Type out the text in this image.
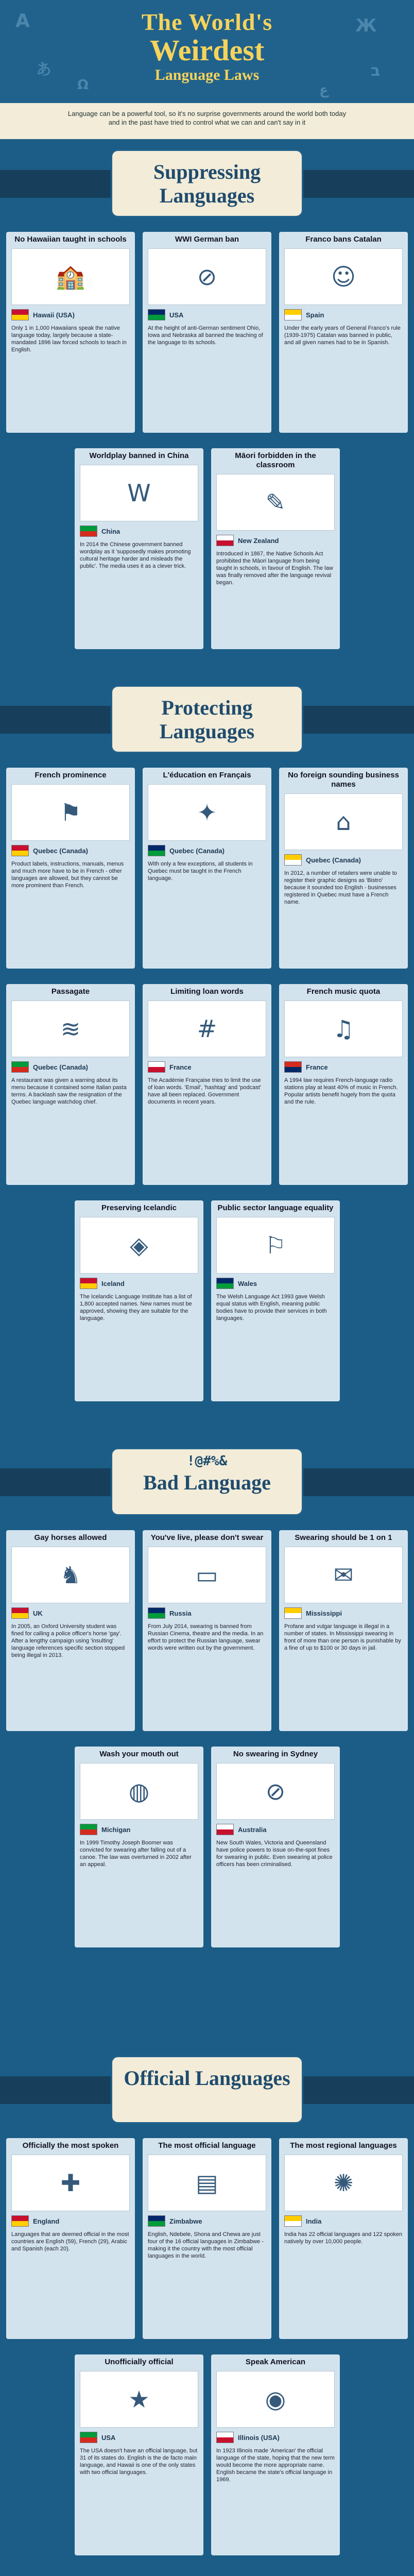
A
あ
Ж
ב
Ω	ع
The World's
Weirdest
Language Laws
Language can be a powerful tool, so it's no surprise governments around the world both today and in the past have tried to control what we can and can't say in it
Suppressing Languages
No Hawaiian taught in schools
🏫
Hawaii (USA)
Only 1 in 1,000 Hawaiians speak the native language today, largely because a state-mandated 1896 law forced schools to teach in English.
WWI German ban
⊘
USA
At the height of anti-German sentiment Ohio, Iowa and Nebraska all banned the teaching of the language to its schools.
Franco bans Catalan
☺
Spain
Under the early years of General Franco's rule (1939-1975) Catalan was banned in public, and all given names had to be in Spanish.
Worldplay banned in China
W
China
In 2014 the Chinese government banned wordplay as it 'supposedly makes promoting cultural heritage harder and misleads the public'. The media uses it as a clever trick.
Māori forbidden in the classroom
✎
New Zealand
Introduced in 1867, the Native Schools Act prohibited the Māori language from being taught in schools, in favour of English. The law was finally removed after the language revival began.
Protecting Languages
French prominence
⚑
Quebec (Canada)
Product labels, instructions, manuals, menus and much more have to be in French - other languages are allowed, but they cannot be more prominent than French.
L'éducation en Français
✦
Quebec (Canada)
With only a few exceptions, all students in Quebec must be taught in the French language.
No foreign sounding business names
⌂
Quebec (Canada)
In 2012, a number of retailers were unable to register their graphic designs as 'Bistro' because it sounded too English - businesses registered in Quebec must have a French name.
Passagate
≋
Quebec (Canada)
A restaurant was given a warning about its menu because it contained some Italian pasta terms. A backlash saw the resignation of the Quebec language watchdog chief.
Limiting loan words
#
France
The Académie Française tries to limit the use of loan words. 'Email', 'hashtag' and 'podcast' have all been replaced. Government documents in recent years.
French music quota
♫
France
A 1994 law requires French-language radio stations play at least 40% of music in French. Popular artists benefit hugely from the quota and the rule.
Preserving Icelandic
◈
Iceland
The Icelandic Language Institute has a list of 1,800 accepted names. New names must be approved, showing they are suitable for the language.
Public sector language equality
⚐
Wales
The Welsh Language Act 1993 gave Welsh equal status with English, meaning public bodies have to provide their services in both languages.
!@#%&
Bad Language
Gay horses allowed
♞
UK
In 2005, an Oxford University student was fined for calling a police officer's horse 'gay'. After a lengthy campaign using 'insulting' language references specific section stopped being illegal in 2013.
You've live, please don't swear
▭
Russia
From July 2014, swearing is banned from Russian Cinema, theatre and the media. In an effort to protect the Russian language, swear words were written out by the government.
Swearing should be 1 on 1
✉
Mississippi
Profane and vulgar language is illegal in a number of states. In Mississippi swearing in front of more than one person is punishable by a fine of up to $100 or 30 days in jail.
Wash your mouth out
◍
Michigan
In 1999 Timothy Joseph Boomer was convicted for swearing after falling out of a canoe. The law was overturned in 2002 after an appeal.
No swearing in Sydney
⊘
Australia
New South Wales, Victoria and Queensland have police powers to issue on-the-spot fines for swearing in public. Even swearing at police officers has been criminalised.
Official Languages
Officially the most spoken
✚
England
Languages that are deemed official in the most countries are English (59), French (29), Arabic and Spanish (each 20).
The most official language
▤
Zimbabwe
English, Ndebele, Shona and Chewa are just four of the 16 official languages in Zimbabwe - making it the country with the most official languages in the world.
The most regional languages
✺
India
India has 22 official languages and 122 spoken natively by over 10,000 people.
Unofficially official
★
USA
The USA doesn't have an official language, but 31 of its states do. English is the de facto main language, and Hawaii is one of the only states with two official languages.
Speak American
◉
Illinois (USA)
In 1923 Illinois made 'American' the official language of the state, hoping that the new term would become the more appropriate name. English became the state's official language in 1969.
